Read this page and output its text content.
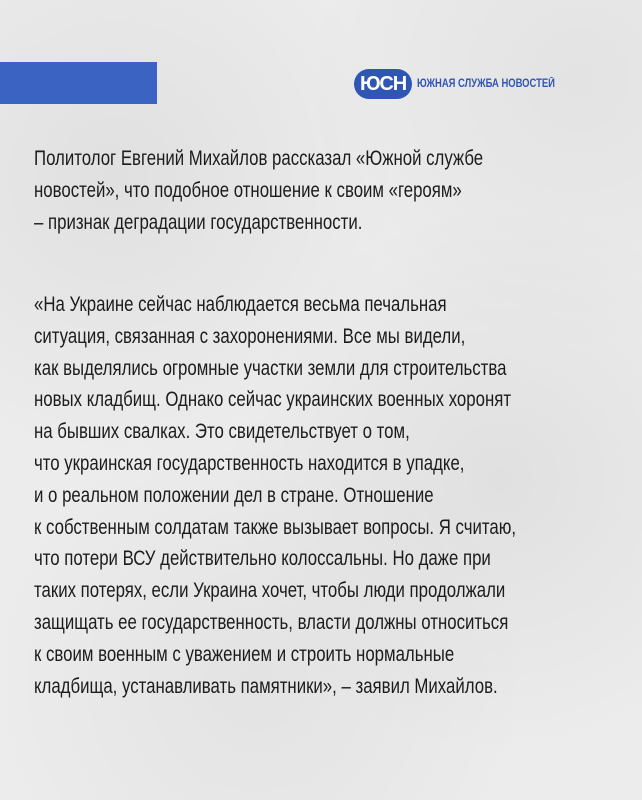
ЮСН ЮЖНАЯ СЛУЖБА НОВОСТЕЙ

Политолог Евгений Михайлов рассказал «Южной службе
новостей», что подобное отношение к своим «героям»
– признак деградации государственности.

«На Украине сейчас наблюдается весьма печальная
ситуация, связанная с захоронениями. Все мы видели,
как выделялись огромные участки земли для строительства
новых кладбищ. Однако сейчас украинских военных хоронят
на бывших свалках. Это свидетельствует о том,
что украинская государственность находится в упадке,
и о реальном положении дел в стране. Отношение
к собственным солдатам также вызывает вопросы. Я считаю,
что потери ВСУ действительно колоссальны. Но даже при
таких потерях, если Украина хочет, чтобы люди продолжали
защищать ее государственность, власти должны относиться
к своим военным с уважением и строить нормальные
кладбища, устанавливать памятники», – заявил Михайлов.
